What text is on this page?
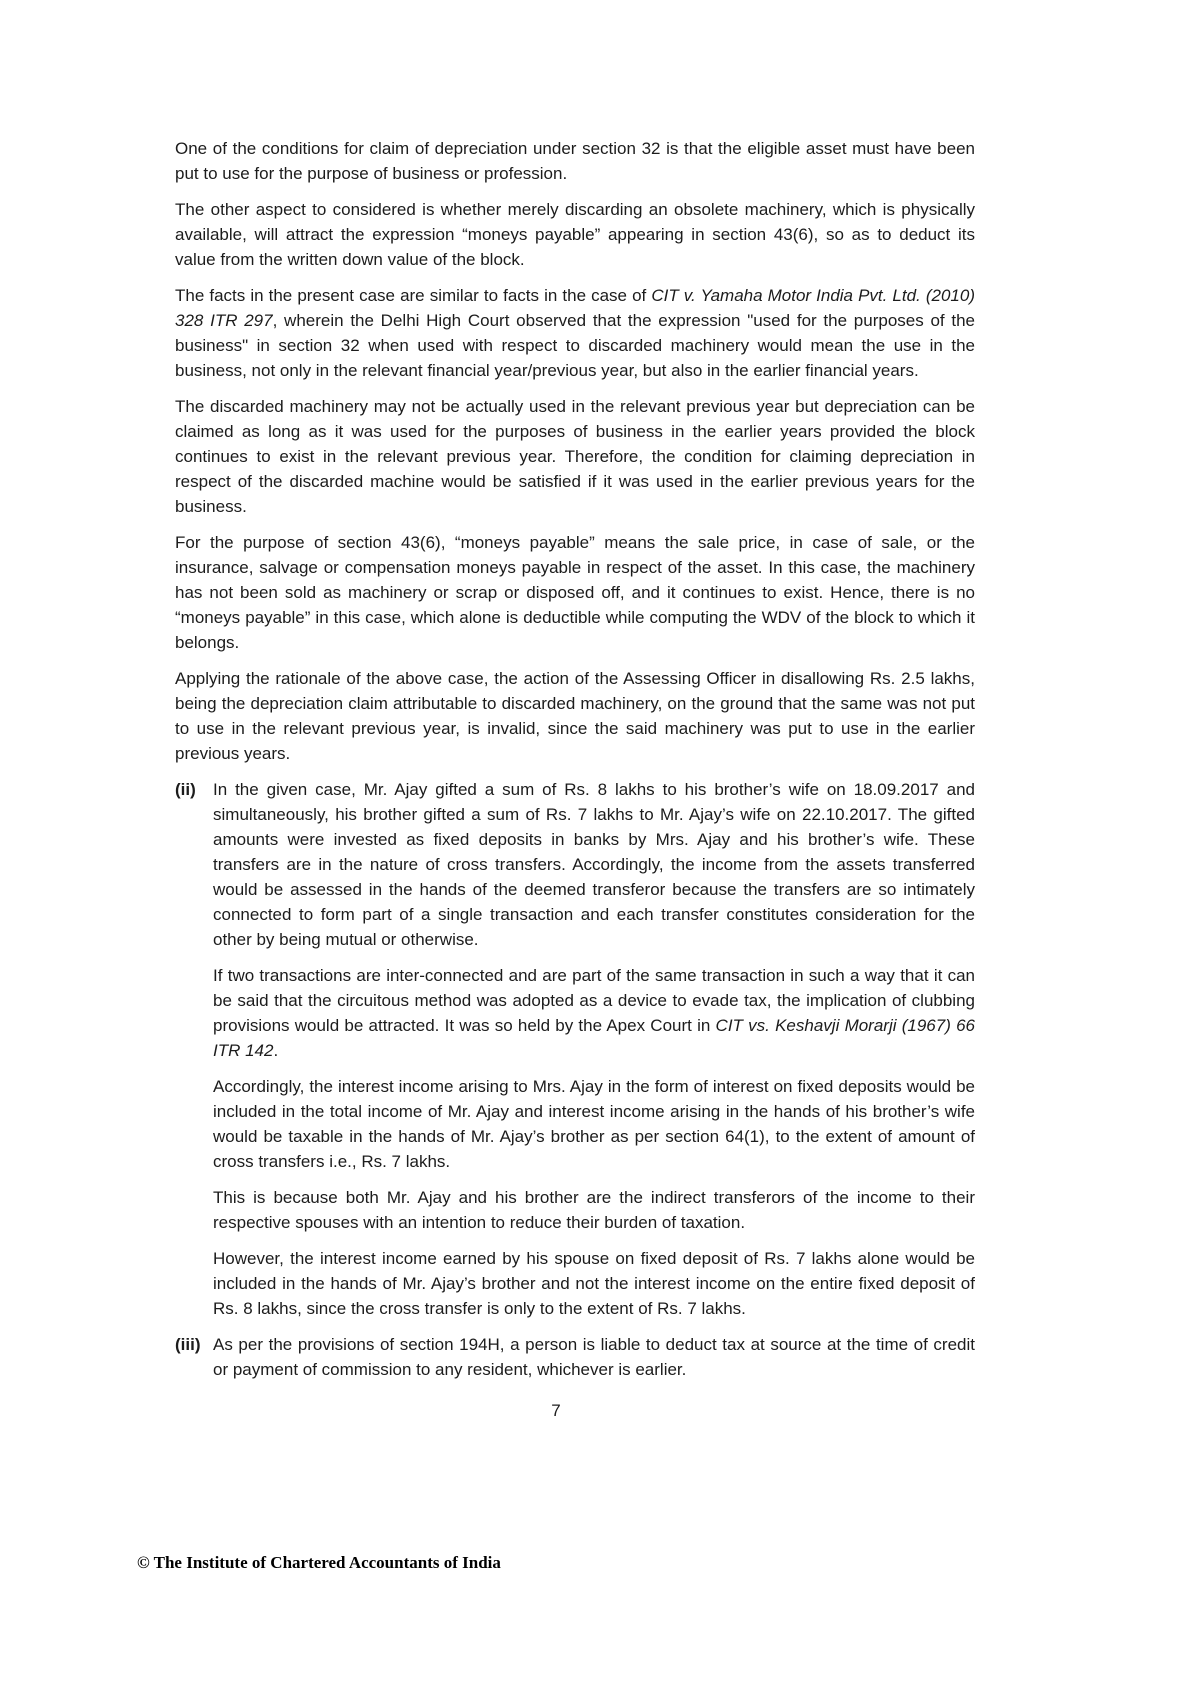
One of the conditions for claim of depreciation under section 32 is that the eligible asset must have been put to use for the purpose of business or profession.

The other aspect to considered is whether merely discarding an obsolete machinery, which is physically available, will attract the expression “moneys payable” appearing in section 43(6), so as to deduct its value from the written down value of the block.

The facts in the present case are similar to facts in the case of CIT v. Yamaha Motor India Pvt. Ltd. (2010) 328 ITR 297, wherein the Delhi High Court observed that the expression "used for the purposes of the business" in section 32 when used with respect to discarded machinery would mean the use in the business, not only in the relevant financial year/previous year, but also in the earlier financial years.

The discarded machinery may not be actually used in the relevant previous year but depreciation can be claimed as long as it was used for the purposes of business in the earlier years provided the block continues to exist in the relevant previous year. Therefore, the condition for claiming depreciation in respect of the discarded machine would be satisfied if it was used in the earlier previous years for the business.

For the purpose of section 43(6), “moneys payable” means the sale price, in case of sale, or the insurance, salvage or compensation moneys payable in respect of the asset. In this case, the machinery has not been sold as machinery or scrap or disposed off, and it continues to exist. Hence, there is no “moneys payable” in this case, which alone is deductible while computing the WDV of the block to which it belongs.

Applying the rationale of the above case, the action of the Assessing Officer in disallowing Rs. 2.5 lakhs, being the depreciation claim attributable to discarded machinery, on the ground that the same was not put to use in the relevant previous year, is invalid, since the said machinery was put to use in the earlier previous years.

(ii)	In the given case, Mr. Ajay gifted a sum of Rs. 8 lakhs to his brother’s wife on 18.09.2017 and simultaneously, his brother gifted a sum of Rs. 7 lakhs to Mr. Ajay’s wife on 22.10.2017. The gifted amounts were invested as fixed deposits in banks by Mrs. Ajay and his brother’s wife. These transfers are in the nature of cross transfers. Accordingly, the income from the assets transferred would be assessed in the hands of the deemed transferor because the transfers are so intimately connected to form part of a single transaction and each transfer constitutes consideration for the other by being mutual or otherwise.

If two transactions are inter-connected and are part of the same transaction in such a way that it can be said that the circuitous method was adopted as a device to evade tax, the implication of clubbing provisions would be attracted. It was so held by the Apex Court in CIT vs. Keshavji Morarji (1967) 66 ITR 142.

Accordingly, the interest income arising to Mrs. Ajay in the form of interest on fixed deposits would be included in the total income of Mr. Ajay and interest income arising in the hands of his brother’s wife would be taxable in the hands of Mr. Ajay’s brother as per section 64(1), to the extent of amount of cross transfers i.e., Rs. 7 lakhs.

This is because both Mr. Ajay and his brother are the indirect transferors of the income to their respective spouses with an intention to reduce their burden of taxation.

However, the interest income earned by his spouse on fixed deposit of Rs. 7 lakhs alone would be included in the hands of Mr. Ajay’s brother and not the interest income on the entire fixed deposit of Rs. 8 lakhs, since the cross transfer is only to the extent of Rs. 7 lakhs.

(iii) As per the provisions of section 194H, a person is liable to deduct tax at source at the time of credit or payment of commission to any resident, whichever is earlier.

7
© The Institute of Chartered Accountants of India
